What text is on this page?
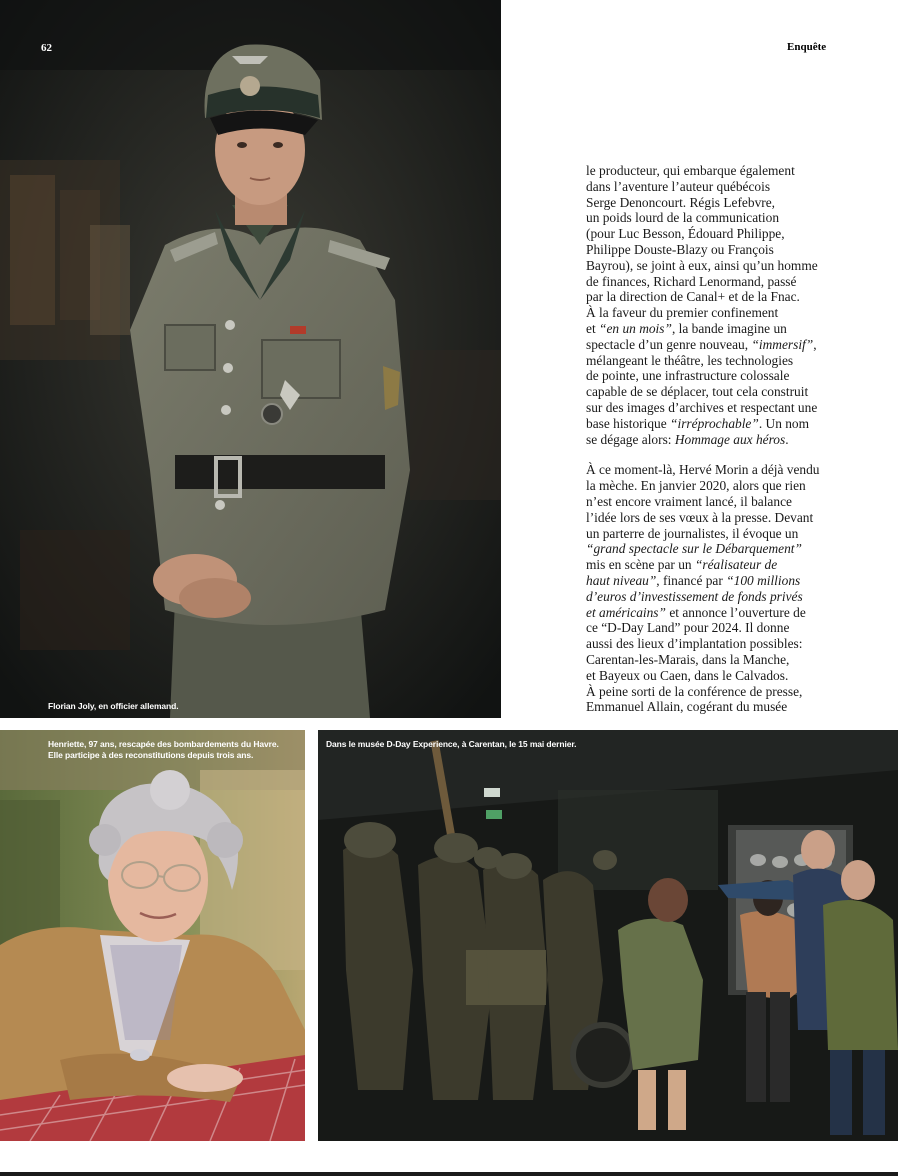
Florian Joly, en officier allemand.
62	Enquête
le producteur, qui embarque également
dans l’aventure l’auteur québécois
Serge Denoncourt. Régis Lefebvre,
un poids lourd de la communication
(pour Luc Besson, Édouard Philippe,
Philippe Douste-Blazy ou François
Bayrou), se joint à eux, ainsi qu’un homme
de finances, Richard Lenormand, passé
par la direction de Canal+ et de la Fnac.
À la faveur du premier confinement
et “en un mois”, la bande imagine un
spectacle d’un genre nouveau, “immersif”,
mélangeant le théâtre, les technologies
de pointe, une infrastructure colossale
capable de se déplacer, tout cela construit
sur des images d’archives et respectant une
base historique “irréprochable”. Un nom
se dégage alors: Hommage aux héros.
À ce moment-là, Hervé Morin a déjà vendu
la mèche. En janvier 2020, alors que rien
n’est encore vraiment lancé, il balance
l’idée lors de ses vœux à la presse. Devant
un parterre de journalistes, il évoque un
“grand spectacle sur le Débarquement”
mis en scène par un “réalisateur de
haut niveau”, financé par “100 millions
d’euros d’investissement de fonds privés
et américains” et annonce l’ouverture de
ce “D-Day Land” pour 2024. Il donne
aussi des lieux d’implantation possibles:
Carentan-les-Marais, dans la Manche,
et Bayeux ou Caen, dans le Calvados.
À peine sorti de la conférence de presse,
Emmanuel Allain, cogérant du musée
Henriette, 97 ans, rescapée des bombardements du Havre.
Elle participe à des reconstitutions depuis trois ans.
Dans le musée D-Day Experience, à Carentan, le 15 mai dernier.
